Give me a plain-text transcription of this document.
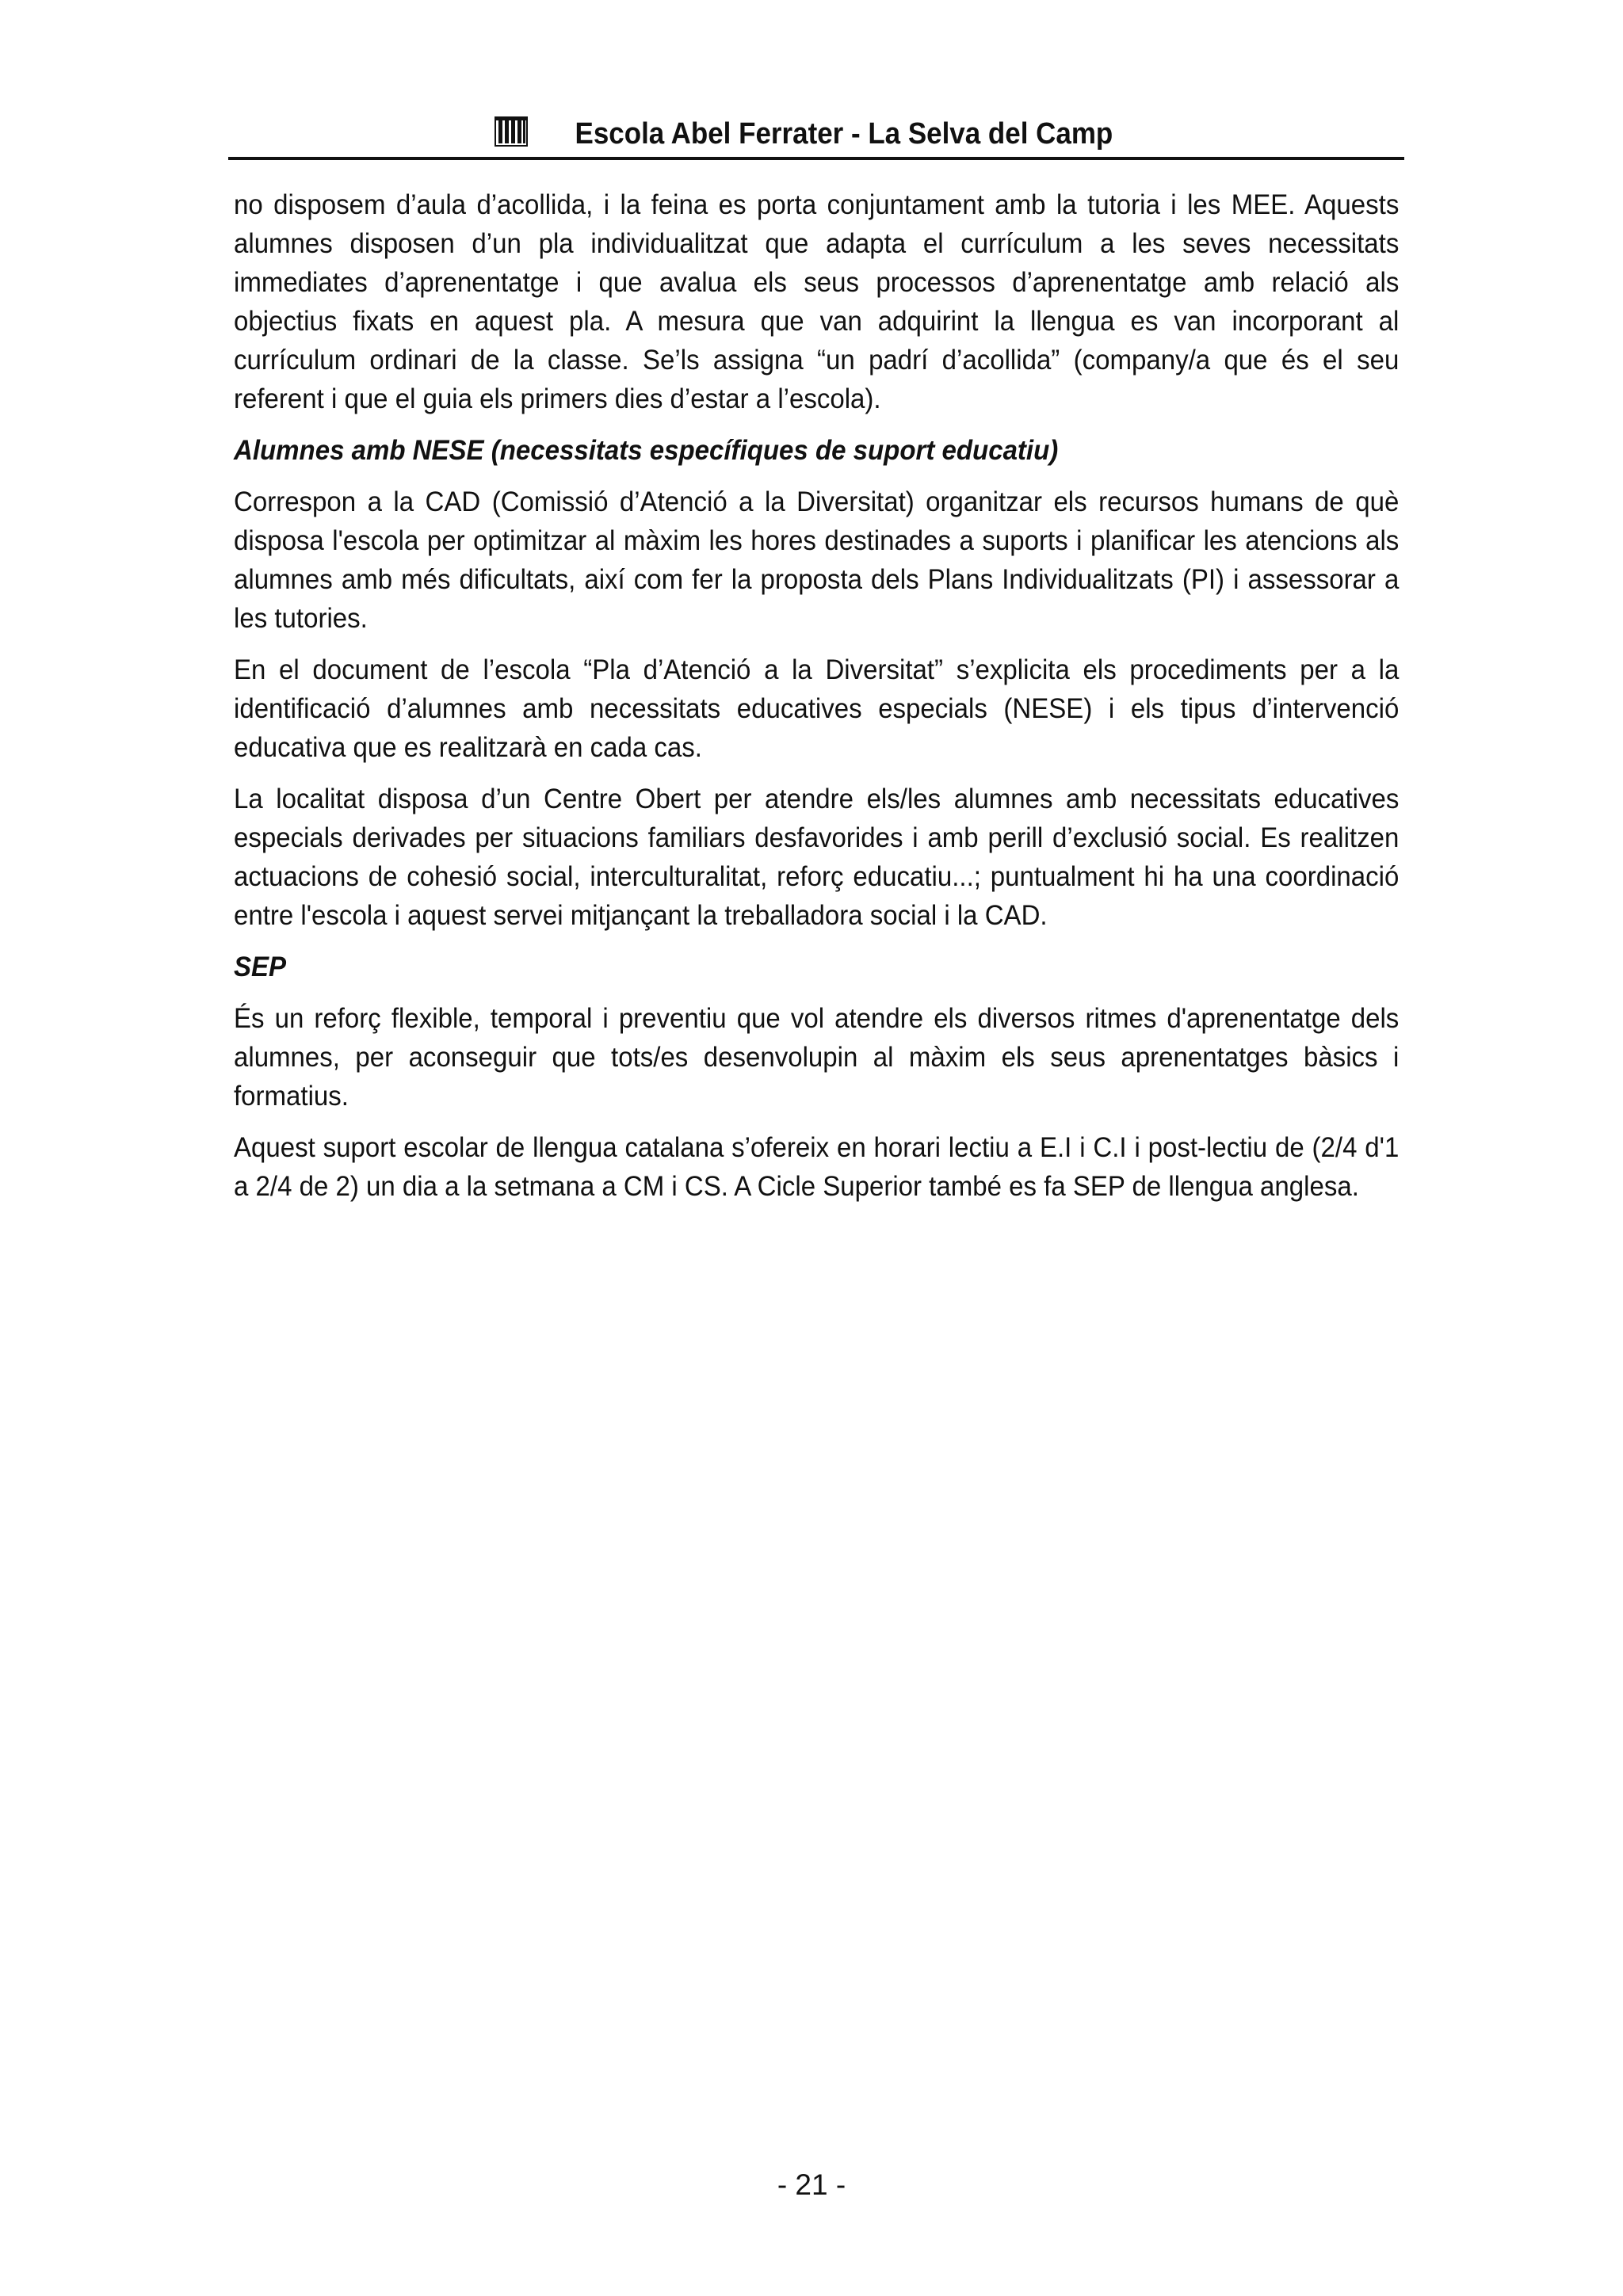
Escola Abel Ferrater - La Selva del Camp

no disposem d’aula d’acollida, i la feina es porta conjuntament amb la tutoria i les MEE. Aquests alumnes disposen d’un pla individualitzat que adapta el currículum a les seves necessitats immediates d’aprenentatge i que avalua els seus processos d’aprenentatge amb relació als objectius fixats en aquest pla. A mesura que van adquirint la llengua es van incorporant al currículum ordinari de la classe. Se’ls assigna “un padrí d’acollida” (company/a que és el seu referent i que el guia els primers dies d’estar a l’escola).

Alumnes amb NESE (necessitats específiques de suport educatiu)

Correspon a la CAD (Comissió d’Atenció a la Diversitat) organitzar els recursos humans de què disposa l'escola per optimitzar al màxim les hores destinades a suports i planificar les atencions als alumnes amb més dificultats, així com fer la proposta dels Plans Individualitzats (PI) i assessorar a les tutories.

En el document de l’escola “Pla d’Atenció a la Diversitat” s’explicita els procediments per a la identificació d’alumnes amb necessitats educatives especials (NESE) i els tipus d’intervenció educativa que es realitzarà en cada cas.

La localitat disposa d’un Centre Obert per atendre els/les alumnes amb necessitats educatives especials derivades per situacions familiars desfavorides i amb perill d’exclusió social. Es realitzen actuacions de cohesió social, interculturalitat, reforç educatiu...; puntualment hi ha una coordinació entre l'escola i aquest servei mitjançant la treballadora social i la CAD.

SEP

És un reforç flexible, temporal i preventiu que vol atendre els diversos ritmes d'aprenentatge dels alumnes, per aconseguir que tots/es desenvolupin al màxim els seus aprenentatges bàsics i formatius.

Aquest suport escolar de llengua catalana s’ofereix en horari lectiu a E.I i C.I i post-lectiu de (2/4 d'1 a 2/4 de 2) un dia a la setmana a CM i CS. A Cicle Superior també es fa SEP de llengua anglesa.

- 21 -
